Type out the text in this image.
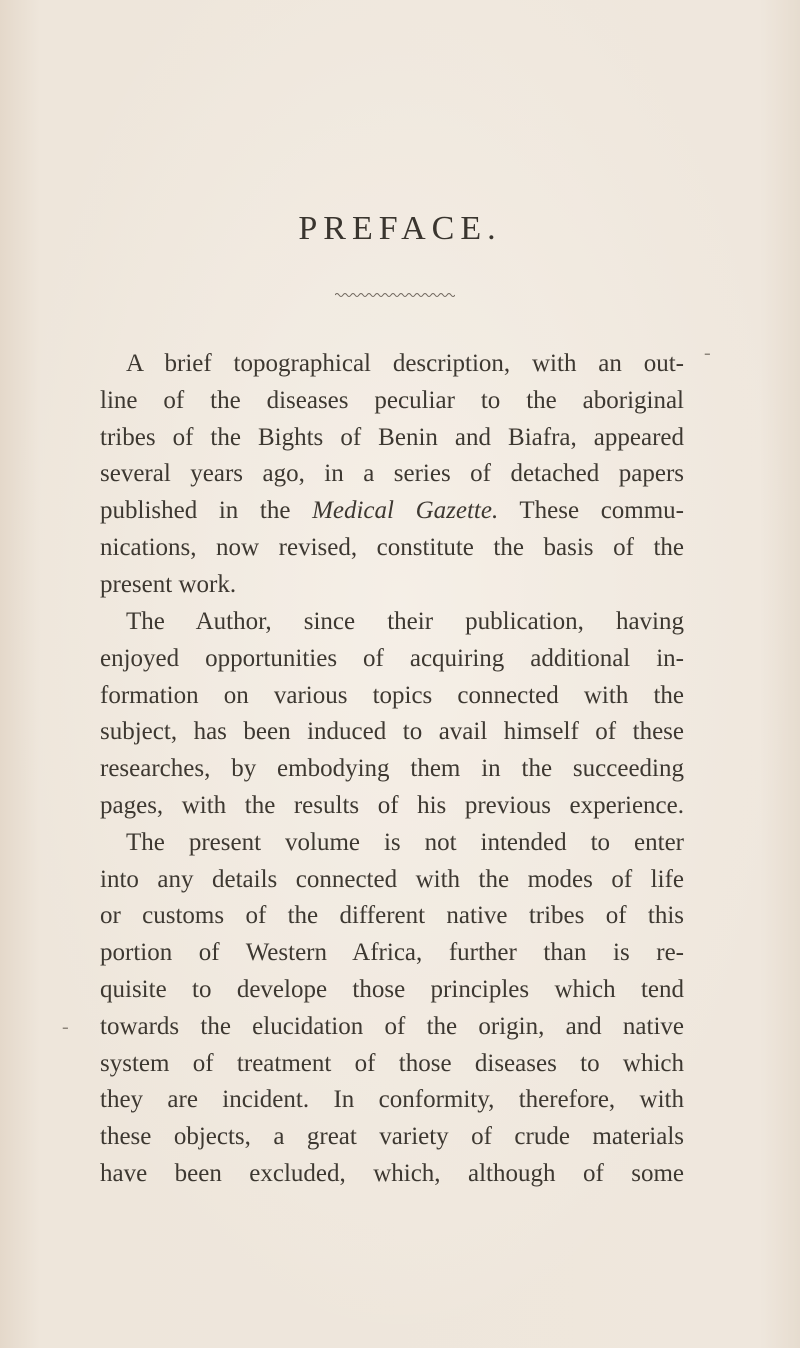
PREFACE.
A brief topographical description, with an out-
line of the diseases peculiar to the aboriginal
tribes of the Bights of Benin and Biafra, appeared
several years ago, in a series of detached papers
published in the Medical Gazette. These commu-
nications, now revised, constitute the basis of the
present work.
The Author, since their publication, having
enjoyed opportunities of acquiring additional in-
formation on various topics connected with the
subject, has been induced to avail himself of these
researches, by embodying them in the succeeding
pages, with the results of his previous experience.
The present volume is not intended to enter
into any details connected with the modes of life
or customs of the different native tribes of this
portion of Western Africa, further than is re-
quisite to develope those principles which tend
towards the elucidation of the origin, and native
system of treatment of those diseases to which
they are incident. In conformity, therefore, with
these objects, a great variety of crude materials
have been excluded, which, although of some
-
-
